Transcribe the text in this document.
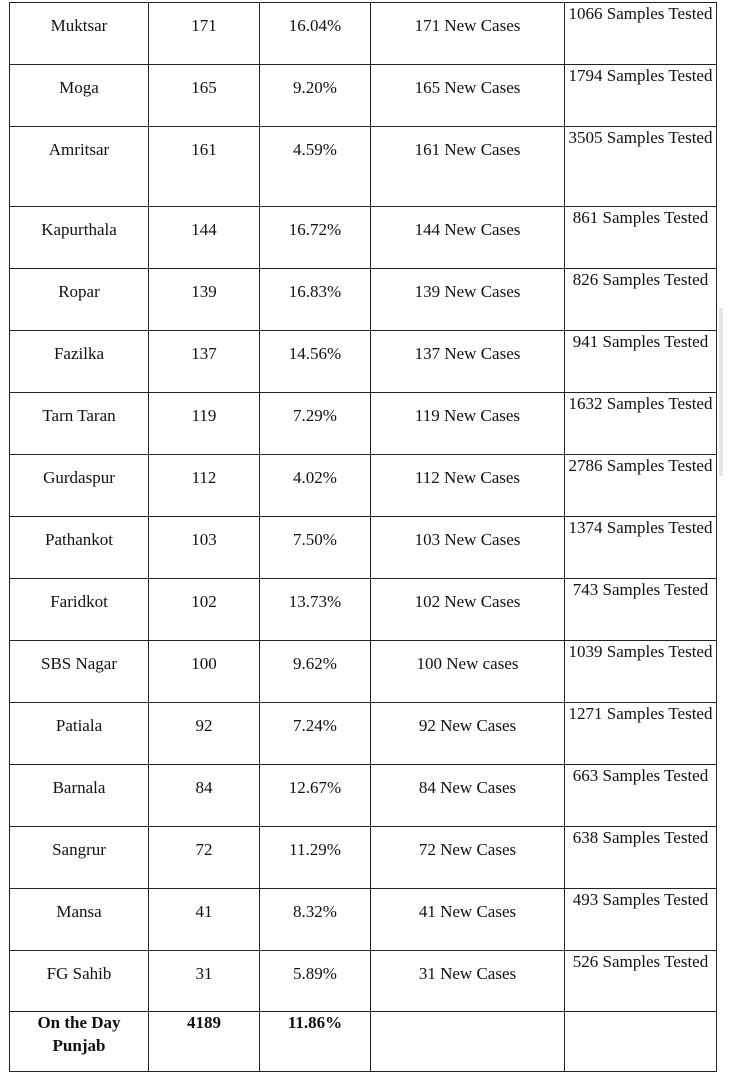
Muktsar	171	16.04%	171 New Cases	1066 Samples Tested

Moga	165	9.20%	165 New Cases	1794 Samples Tested

Amritsar	161	4.59%	161 New Cases	3505 Samples Tested

Kapurthala	144	16.72%	144 New Cases	861 Samples Tested

Ropar	139	16.83%	139 New Cases	826 Samples Tested

Fazilka	137	14.56%	137 New Cases	941 Samples Tested

Tarn Taran	119	7.29%	119 New Cases	1632 Samples Tested

Gurdaspur	112	4.02%	112 New Cases	2786 Samples Tested

Pathankot	103	7.50%	103 New Cases	1374 Samples Tested

Faridkot	102	13.73%	102 New Cases	743 Samples Tested

SBS Nagar	100	9.62%	100 New cases	1039 Samples Tested

Patiala	92	7.24%	92 New Cases	1271 Samples Tested

Barnala	84	12.67%	84 New Cases	663 Samples Tested

Sangrur	72	11.29%	72 New Cases	638 Samples Tested

Mansa	41	8.32%	41 New Cases	493 Samples Tested

FG Sahib	31	5.89%	31 New Cases	526 Samples Tested

On the Day Punjab	4189	11.86%		
